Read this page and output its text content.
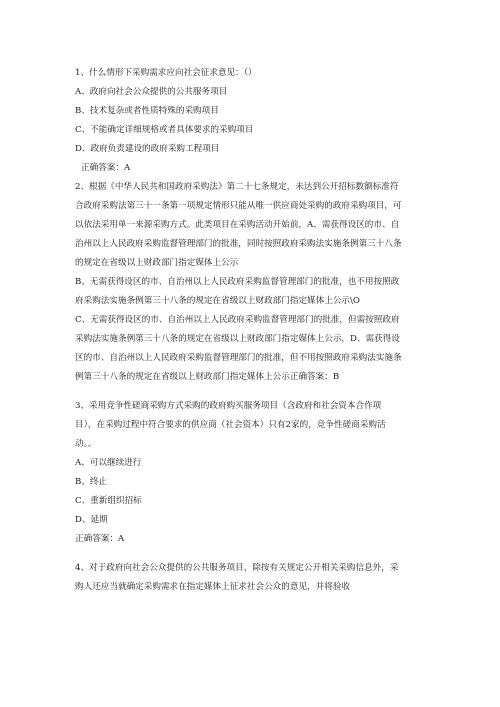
1、什么情形下采购需求应向社会征求意见：（）
A、政府向社会公众提供的公共服务项目
B、技术复杂或者性质特殊的采购项目
C、不能确定详细规格或者具体要求的采购项目
D、政府负责建设的政府采购工程项目
正确答案：A
2、根据《中华人民共和国政府采购法》第二十七条规定，未达到公开招标数额标准符
合政府采购法第三十一条第一项规定情形只能从唯一供应商处采购的政府采购项目，可
以依法采用单一来源采购方式。此类项目在采购活动开始前，A、需获得设区的市、自
治州以上人民政府采购监督管理部门的批准，同时按照政府采购法实施条例第三十八条
的规定在省级以上财政部门指定媒体上公示
B、无需获得设区的市、自治州以上人民政府采购监督管理部门的批准，也不用按照政
府采购法实施条例第三十八条的规定在省级以上财政部门指定媒体上公示\O
C、无需获得设区的市、自治州以上人民政府采购监督管理部门的批准，但需按照政府
采购法实施条例第三十八条的规定在省级以上财政部门指定媒体上公示，D、需获得设
区的市、自治州以上人民政府采购监督管理部门的批准，但不用按照政府采购法实施条
例第三十八条的规定在省级以上财政部门指定媒体上公示正确答案：B
3、采用竞争性磋商采购方式采购的政府购买服务项目（含政府和社会资本合作项
目），在采购过程中符合要求的供应商（社会资本）只有2家的，竞争性磋商采购活
动。。
A、可以继续进行
B、终止
C、重新组织招标
D、延期
正确答案：A
4、对于政府向社会公众提供的公共服务项目，除按有关规定公开相关采购信息外，采
购人还应当就确定采购需求在指定媒体上征求社会公众的意见，并将验收
